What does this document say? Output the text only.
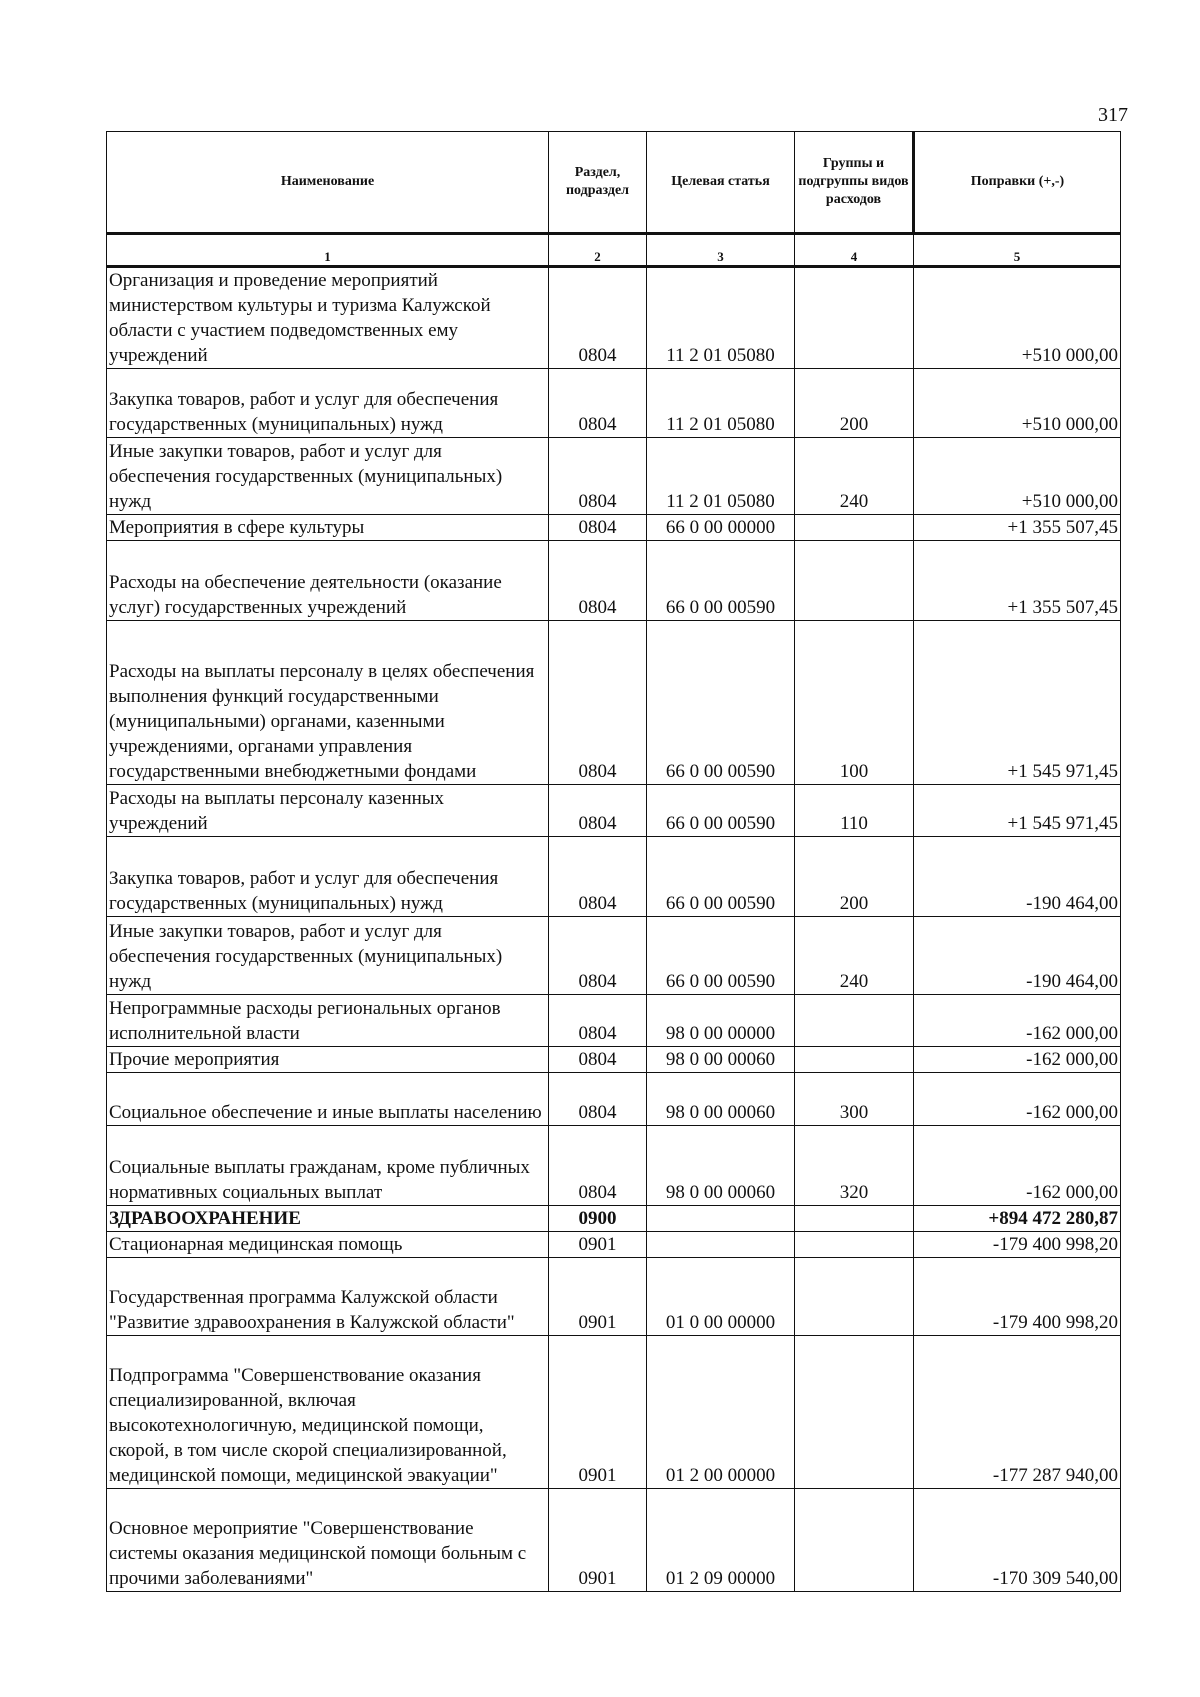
317
Наименование	Раздел, подраздел	Целевая статья	Группы и подгруппы видов расходов	Поправки (+,-)
1	2	3	4	5
Организация и проведение мероприятий министерством культуры и туризма Калужской области с участием подведомственных ему учреждений	0804	11 2 01 05080		+510 000,00
Закупка товаров, работ и услуг для обеспечения государственных (муниципальных) нужд	0804	11 2 01 05080	200	+510 000,00
Иные закупки товаров, работ и услуг для обеспечения государственных (муниципальных) нужд	0804	11 2 01 05080	240	+510 000,00
Мероприятия в сфере культуры	0804	66 0 00 00000		+1 355 507,45
Расходы на обеспечение деятельности (оказание услуг) государственных учреждений	0804	66 0 00 00590		+1 355 507,45
Расходы на выплаты персоналу в целях обеспечения выполнения функций государственными (муниципальными) органами, казенными учреждениями, органами управления государственными внебюджетными фондами	0804	66 0 00 00590	100	+1 545 971,45
Расходы на выплаты персоналу казенных учреждений	0804	66 0 00 00590	110	+1 545 971,45
Закупка товаров, работ и услуг для обеспечения государственных (муниципальных) нужд	0804	66 0 00 00590	200	-190 464,00
Иные закупки товаров, работ и услуг для обеспечения государственных (муниципальных) нужд	0804	66 0 00 00590	240	-190 464,00
Непрограммные расходы региональных органов исполнительной власти	0804	98 0 00 00000		-162 000,00
Прочие мероприятия	0804	98 0 00 00060		-162 000,00
Социальное обеспечение и иные выплаты населению	0804	98 0 00 00060	300	-162 000,00
Социальные выплаты гражданам, кроме публичных нормативных социальных выплат	0804	98 0 00 00060	320	-162 000,00
ЗДРАВООХРАНЕНИЕ	0900			+894 472 280,87
Стационарная медицинская помощь	0901			-179 400 998,20
Государственная программа Калужской области "Развитие здравоохранения в Калужской области"	0901	01 0 00 00000		-179 400 998,20
Подпрограмма "Совершенствование оказания специализированной, включая высокотехнологичную, медицинской помощи, скорой, в том числе скорой специализированной, медицинской помощи, медицинской эвакуации"	0901	01 2 00 00000		-177 287 940,00
Основное мероприятие "Совершенствование системы оказания медицинской помощи больным с прочими заболеваниями"	0901	01 2 09 00000		-170 309 540,00
